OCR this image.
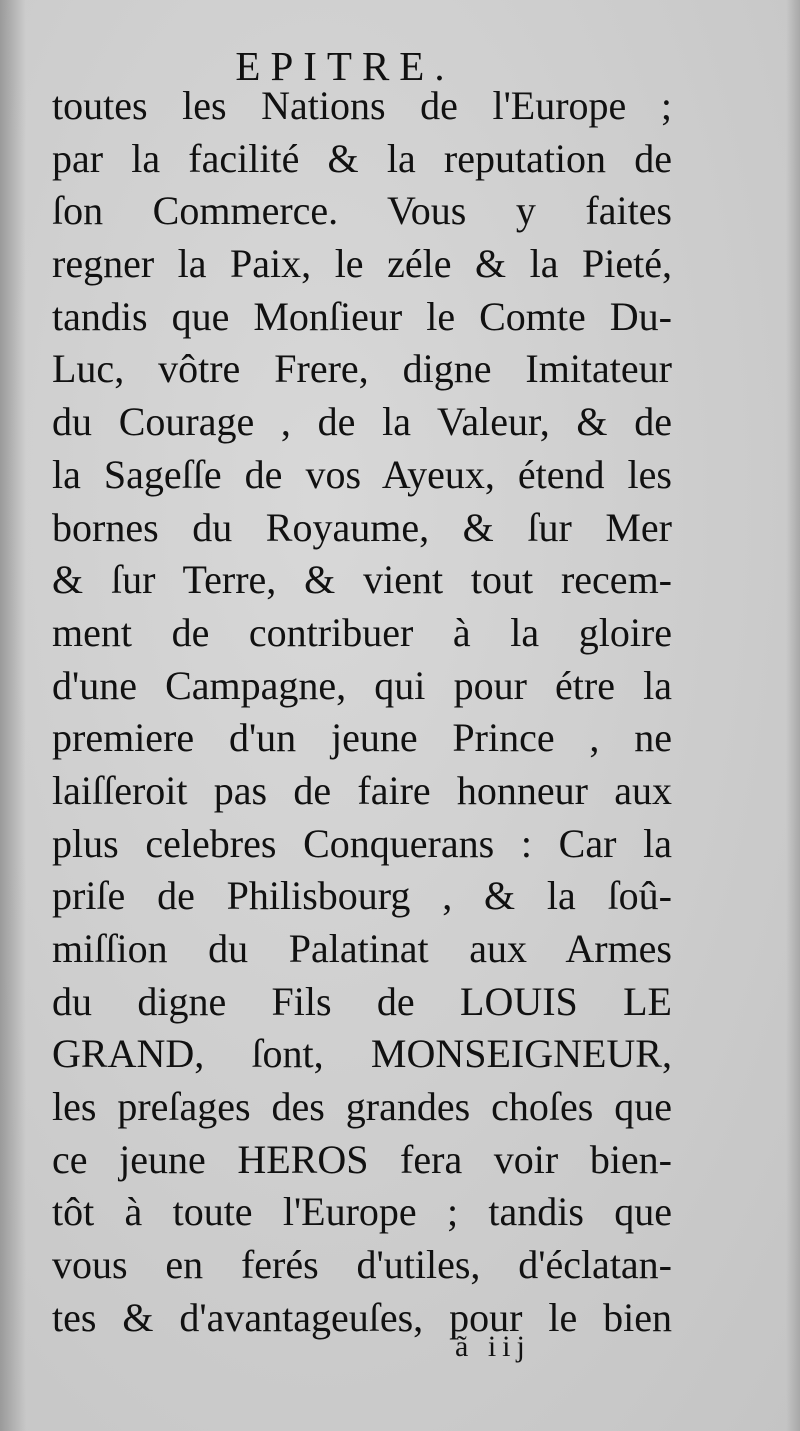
EPITRE.
toutes les Nations de l'Europe ;
par la facilité & la reputation de
ſon Commerce. Vous y faites
regner la Paix, le zéle & la Pieté,
tandis que Monſieur le Comte Du-
Luc, vôtre Frere, digne Imitateur
du Courage , de la Valeur, & de
la Sageſſe de vos Ayeux, étend les
bornes du Royaume, & ſur Mer
& ſur Terre, & vient tout recem-
ment de contribuer à la gloire
d'une Campagne, qui pour étre la
premiere d'un jeune Prince , ne
laiſſeroit pas de faire honneur aux
plus celebres Conquerans : Car la
priſe de Philisbourg , & la ſoû-
miſſion du Palatinat aux Armes
du digne Fils de LOUIS LE
GRAND, ſont, MONSEIGNEUR,
les preſages des grandes choſes que
ce jeune HEROS fera voir bien-
tôt à toute l'Europe ; tandis que
vous en ferés d'utiles, d'éclatan-
tes & d'avantageuſes, pour le bien
ã iij
